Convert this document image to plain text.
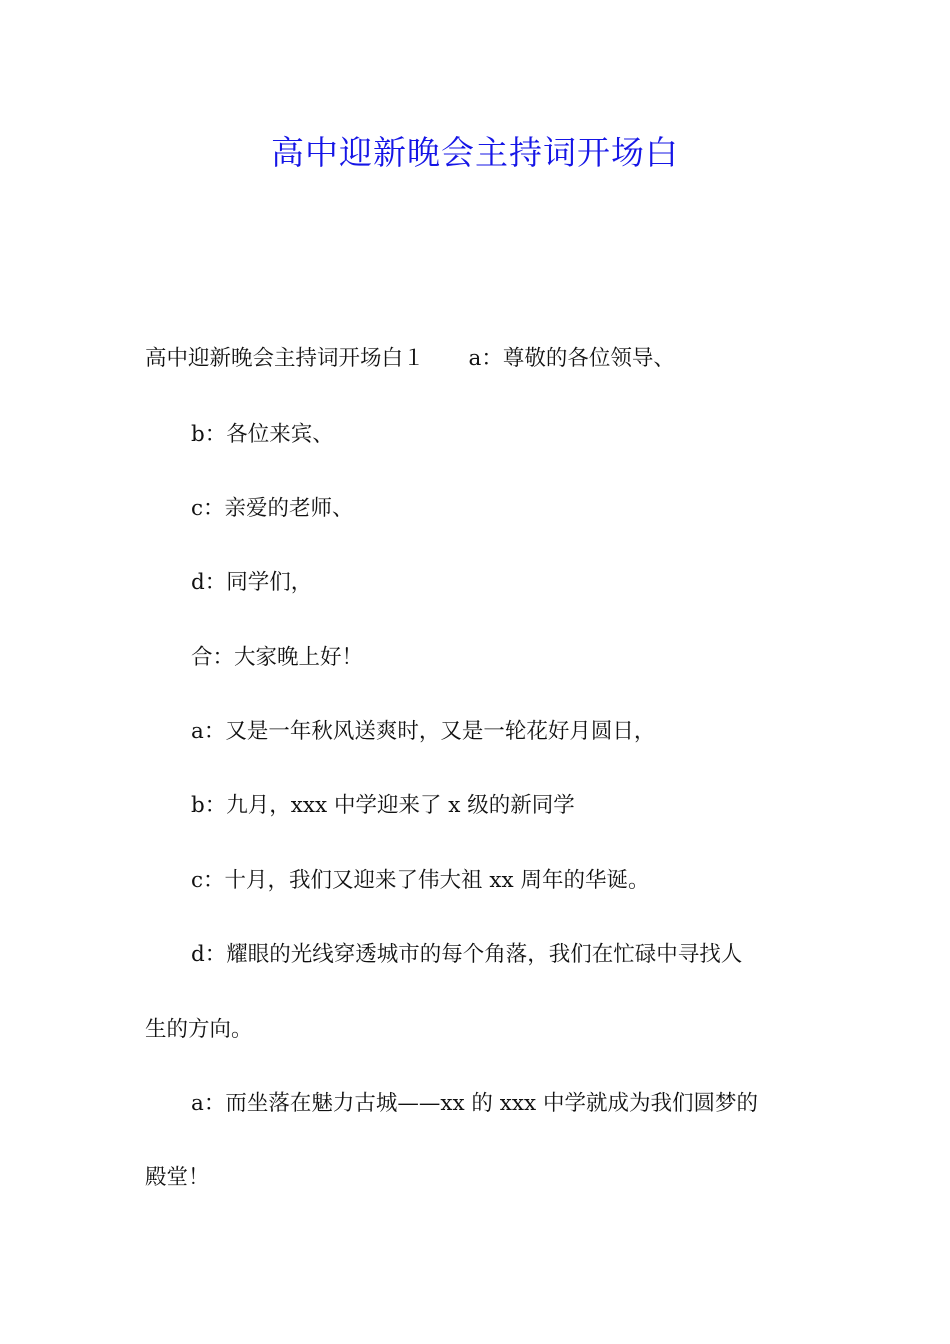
高中迎新晚会主持词开场白
高中迎新晚会主持词开场白１ a：尊敬的各位领导、
b：各位来宾、
c：亲爱的老师、
d：同学们，
合：大家晚上好！
a：又是一年秋风送爽时，又是一轮花好月圆日，
b：九月，xxx 中学迎来了 x 级的新同学
c：十月，我们又迎来了伟大祖 xx 周年的华诞。
d：耀眼的光线穿透城市的每个角落，我们在忙碌中寻找人
生的方向。
a：而坐落在魅力古城——xx 的 xxx 中学就成为我们圆梦的
殿堂！
